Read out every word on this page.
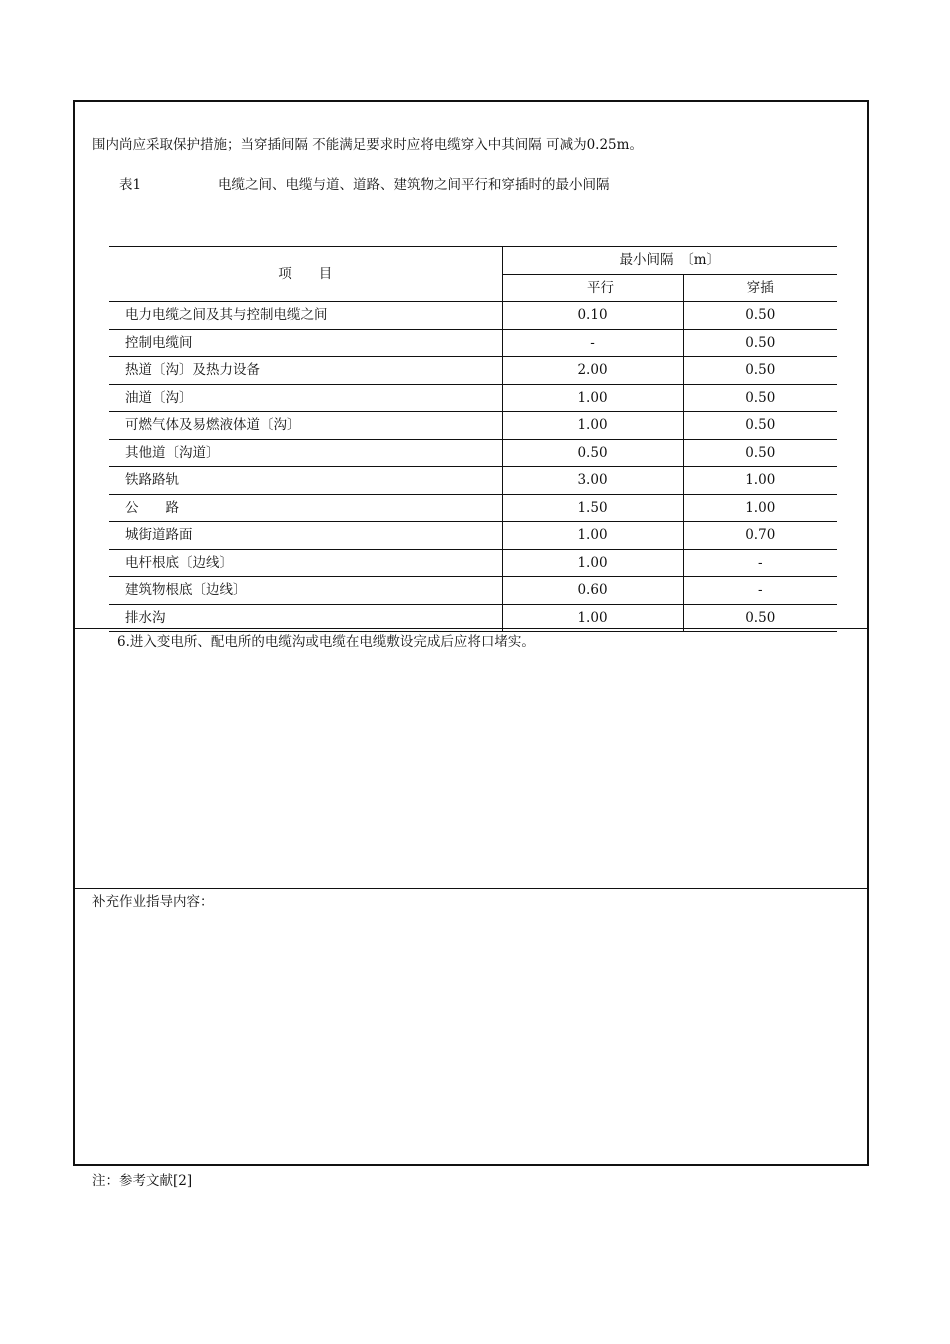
围内尚应采取保护措施；当穿插间隔 不能满足要求时应将电缆穿入中其间隔 可减为0.25m。
表1	电缆之间、电缆与道、道路、建筑物之间平行和穿插时的最小间隔
项　　目	最小间隔　〔m〕	
	平行	穿插
电力电缆之间及其与控制电缆之间	0.10	0.50
控制电缆间	-	0.50
热道〔沟〕及热力设备	2.00	0.50
油道〔沟〕	1.00	0.50
可燃气体及易燃液体道〔沟〕	1.00	0.50
其他道〔沟道〕	0.50	0.50
铁路路轨	3.00	1.00
公　　路	1.50	1.00
城街道路面	1.00	0.70
电杆根底〔边线〕	1.00	-
建筑物根底〔边线〕	0.60	-
排水沟	1.00	0.50
6.进入变电所、配电所的电缆沟或电缆在电缆敷设完成后应将口堵实。
补充作业指导内容：
注：参考文献[2]
